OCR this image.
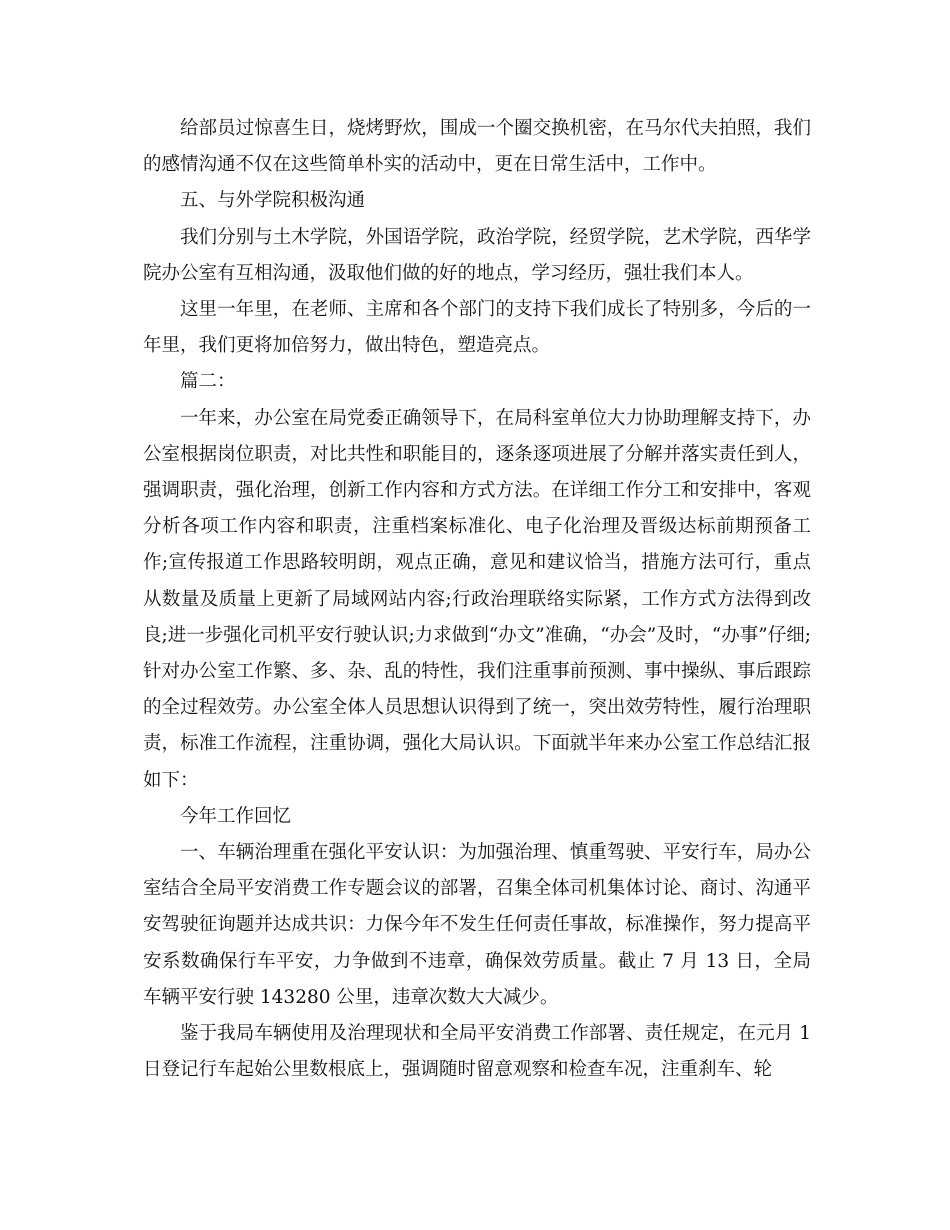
给部员过惊喜生日，烧烤野炊，围成一个圈交换机密，在马尔代夫拍照，我们的感情沟通不仅在这些简单朴实的活动中，更在日常生活中，工作中。

五、与外学院积极沟通

我们分别与土木学院，外国语学院，政治学院，经贸学院，艺术学院，西华学院办公室有互相沟通，汲取他们做的好的地点，学习经历，强壮我们本人。

这里一年里，在老师、主席和各个部门的支持下我们成长了特别多，今后的一年里，我们更将加倍努力，做出特色，塑造亮点。

篇二：

一年来，办公室在局党委正确领导下，在局科室单位大力协助理解支持下，办公室根据岗位职责，对比共性和职能目的，逐条逐项进展了分解并落实责任到人，强调职责，强化治理，创新工作内容和方式方法。在详细工作分工和安排中，客观分析各项工作内容和职责，注重档案标准化、电子化治理及晋级达标前期预备工作;宣传报道工作思路较明朗，观点正确，意见和建议恰当，措施方法可行，重点从数量及质量上更新了局域网站内容;行政治理联络实际紧，工作方式方法得到改良;进一步强化司机平安行驶认识;力求做到“办文”准确，“办会”及时，“办事”仔细;针对办公室工作繁、多、杂、乱的特性，我们注重事前预测、事中操纵、事后跟踪的全过程效劳。办公室全体人员思想认识得到了统一，突出效劳特性，履行治理职责，标准工作流程，注重协调，强化大局认识。下面就半年来办公室工作总结汇报如下：

今年工作回忆

一、车辆治理重在强化平安认识：为加强治理、慎重驾驶、平安行车，局办公室结合全局平安消费工作专题会议的部署，召集全体司机集体讨论、商讨、沟通平安驾驶征询题并达成共识：力保今年不发生任何责任事故，标准操作，努力提高平安系数确保行车平安，力争做到不违章，确保效劳质量。截止 7 月 13 日，全局车辆平安行驶 143280 公里，违章次数大大减少。

鉴于我局车辆使用及治理现状和全局平安消费工作部署、责任规定，在元月 1 日登记行车起始公里数根底上，强调随时留意观察和检查车况，注重刹车、轮
